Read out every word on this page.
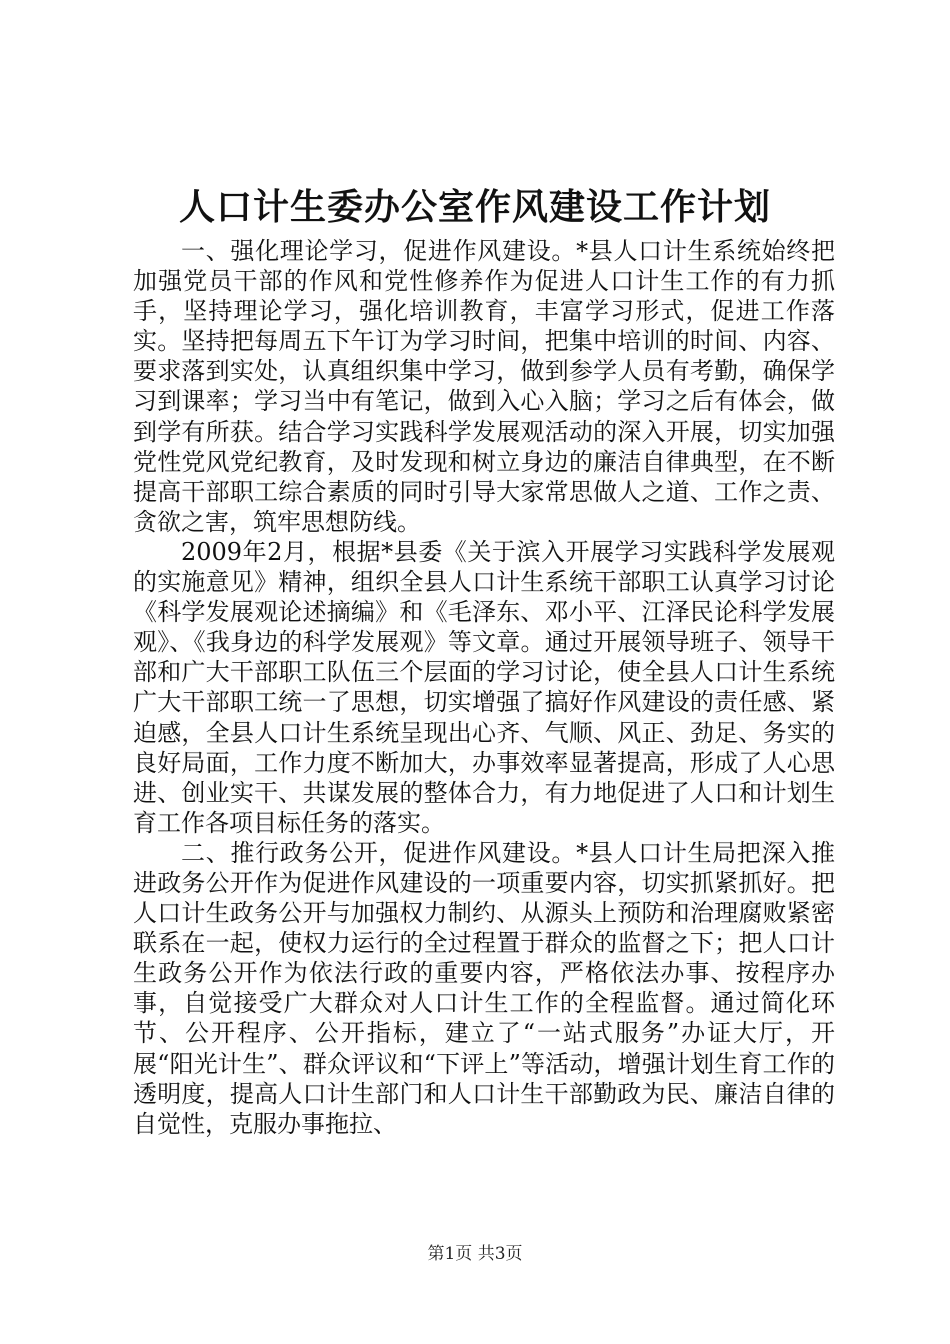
人口计生委办公室作风建设工作计划

一、强化理论学习，促进作风建设。*县人口计生系统始终把加强党员干部的作风和党性修养作为促进人口计生工作的有力抓手，坚持理论学习，强化培训教育，丰富学习形式，促进工作落实。坚持把每周五下午订为学习时间，把集中培训的时间、内容、要求落到实处，认真组织集中学习，做到参学人员有考勤，确保学习到课率；学习当中有笔记，做到入心入脑；学习之后有体会，做到学有所获。结合学习实践科学发展观活动的深入开展，切实加强党性党风党纪教育，及时发现和树立身边的廉洁自律典型，在不断提高干部职工综合素质的同时引导大家常思做人之道、工作之责、贪欲之害，筑牢思想防线。

2009年2月，根据*县委《关于滨入开展学习实践科学发展观的实施意见》精神，组织全县人口计生系统干部职工认真学习讨论《科学发展观论述摘编》和《毛泽东、邓小平、江泽民论科学发展观》、《我身边的科学发展观》等文章。通过开展领导班子、领导干部和广大干部职工队伍三个层面的学习讨论，使全县人口计生系统广大干部职工统一了思想，切实增强了搞好作风建设的责任感、紧迫感，全县人口计生系统呈现出心齐、气顺、风正、劲足、务实的良好局面，工作力度不断加大，办事效率显著提高，形成了人心思进、创业实干、共谋发展的整体合力，有力地促进了人口和计划生育工作各项目标任务的落实。

二、推行政务公开，促进作风建设。*县人口计生局把深入推进政务公开作为促进作风建设的一项重要内容，切实抓紧抓好。把人口计生政务公开与加强权力制约、从源头上预防和治理腐败紧密联系在一起，使权力运行的全过程置于群众的监督之下；把人口计生政务公开作为依法行政的重要内容，严格依法办事、按程序办事，自觉接受广大群众对人口计生工作的全程监督。通过简化环节、公开程序、公开指标，建立了“一站式服务”办证大厅，开展“阳光计生”、群众评议和“下评上”等活动，增强计划生育工作的透明度，提高人口计生部门和人口计生干部勤政为民、廉洁自律的自觉性，克服办事拖拉、

第1页 共3页
